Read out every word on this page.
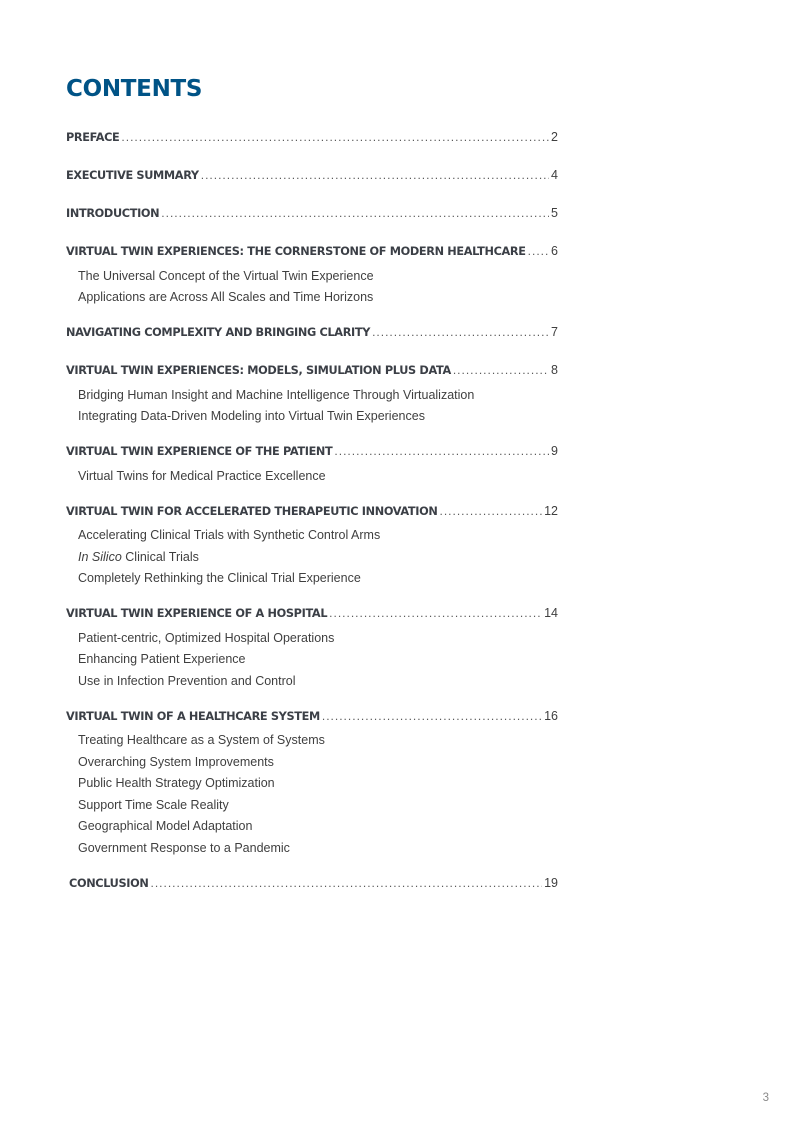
CONTENTS
PREFACE .....	2
EXECUTIVE SUMMARY .....	4
INTRODUCTION .....	5
VIRTUAL TWIN EXPERIENCES: THE CORNERSTONE OF MODERN HEALTHCARE ..... 6
The Universal Concept of the Virtual Twin Experience
Applications are Across All Scales and Time Horizons
NAVIGATING COMPLEXITY AND BRINGING CLARITY .....	7
VIRTUAL TWIN EXPERIENCES: MODELS, SIMULATION PLUS DATA .....	8
Bridging Human Insight and Machine Intelligence Through Virtualization
Integrating Data-Driven Modeling into Virtual Twin Experiences
VIRTUAL TWIN EXPERIENCE OF THE PATIENT .....	9
Virtual Twins for Medical Practice Excellence
VIRTUAL TWIN FOR ACCELERATED THERAPEUTIC INNOVATION .....	12
Accelerating Clinical Trials with Synthetic Control Arms
In Silico Clinical Trials
Completely Rethinking the Clinical Trial Experience
VIRTUAL TWIN EXPERIENCE OF A HOSPITAL .....	14
Patient-centric, Optimized Hospital Operations
Enhancing Patient Experience
Use in Infection Prevention and Control
VIRTUAL TWIN OF A HEALTHCARE SYSTEM .....	16
Treating Healthcare as a System of Systems
Overarching System Improvements
Public Health Strategy Optimization
Support Time Scale Reality
Geographical Model Adaptation
Government Response to a Pandemic
CONCLUSION .....	19
3
